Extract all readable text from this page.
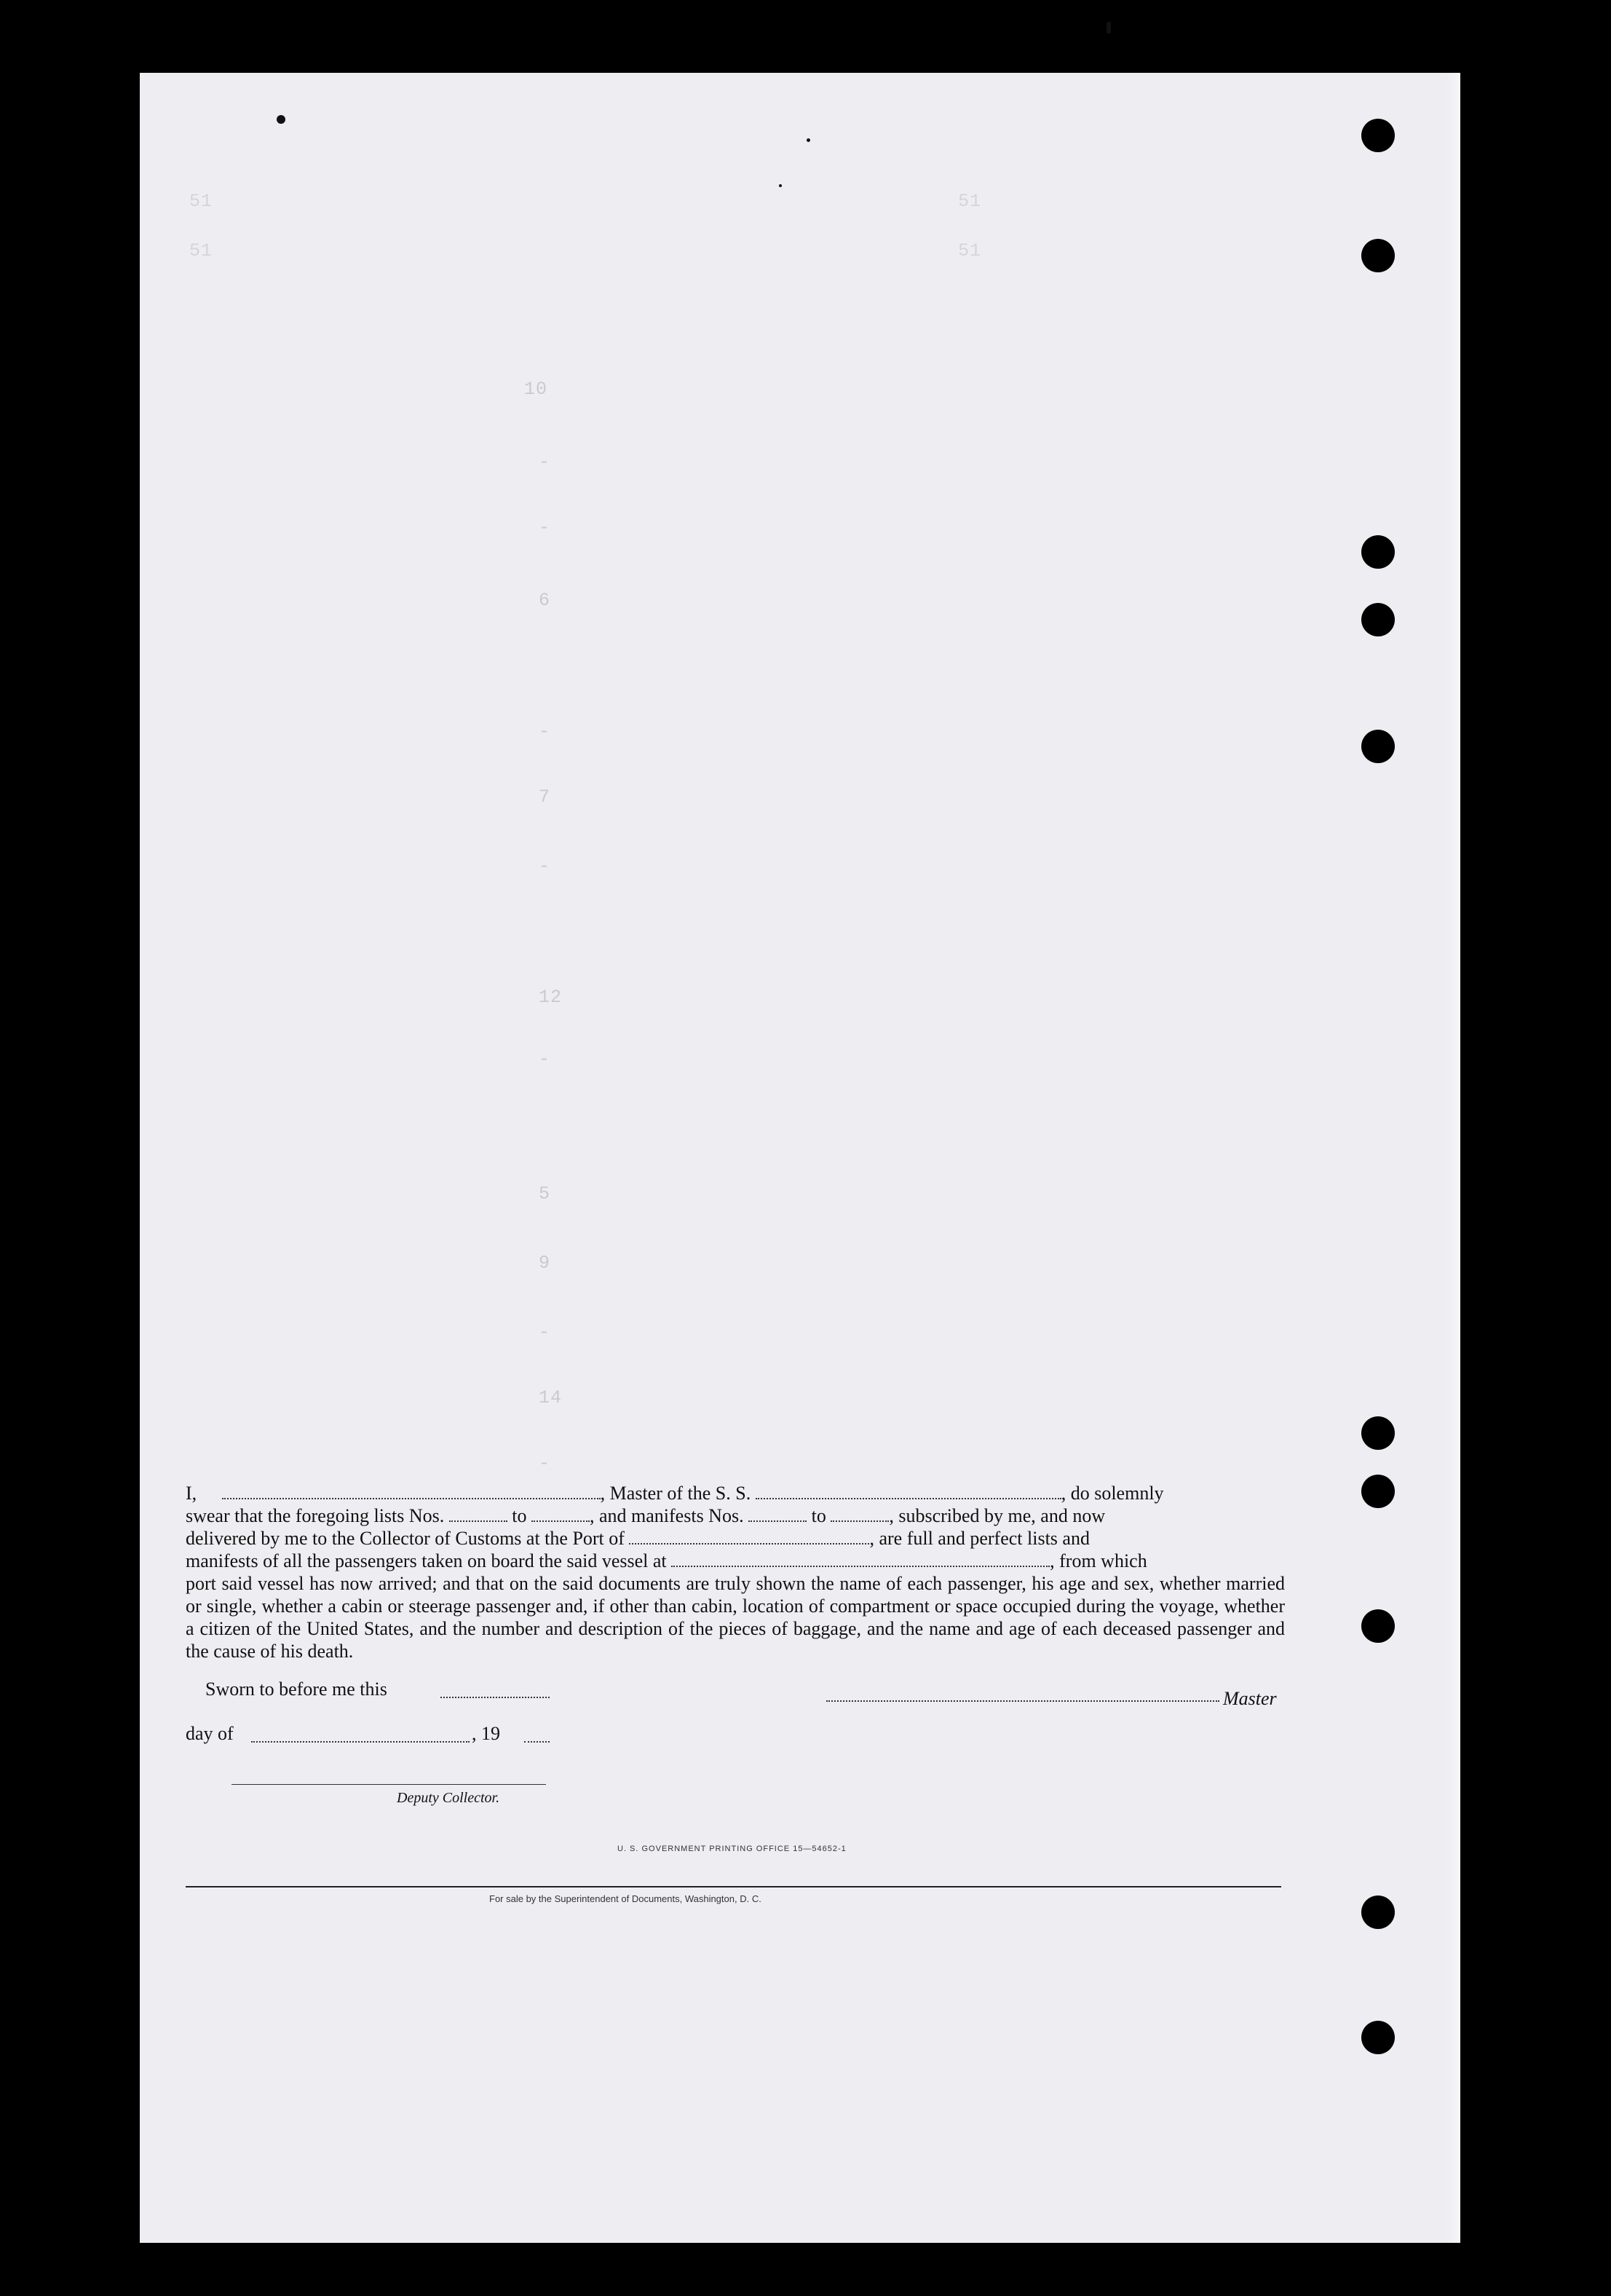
51                                                                51
51                                                                51
10
-
-
6
-
7
-
12
-
5
9
-
14
-
I,	, Master of the S. S.	, do solemnly
swear that the foregoing lists Nos.	to	, and manifests Nos.	to	, subscribed by me, and now
delivered by me to the Collector of Customs at the Port of	, are full and perfect lists and
manifests of all the passengers taken on board the said vessel at	, from which
port said vessel has now arrived; and that on the said documents are truly shown the name of each passenger, his age and sex, whether married or single, whether a cabin or steerage passenger and, if other than cabin, location of compartment or space occupied during the voyage, whether a citizen of the United States, and the number and description of the pieces of baggage, and the name and age of each deceased passenger and the cause of his death.
Sworn to before me this	Master
day of	, 19
Deputy Collector.
U. S. GOVERNMENT PRINTING OFFICE 15—54652-1
For sale by the Superintendent of Documents, Washington, D. C.
